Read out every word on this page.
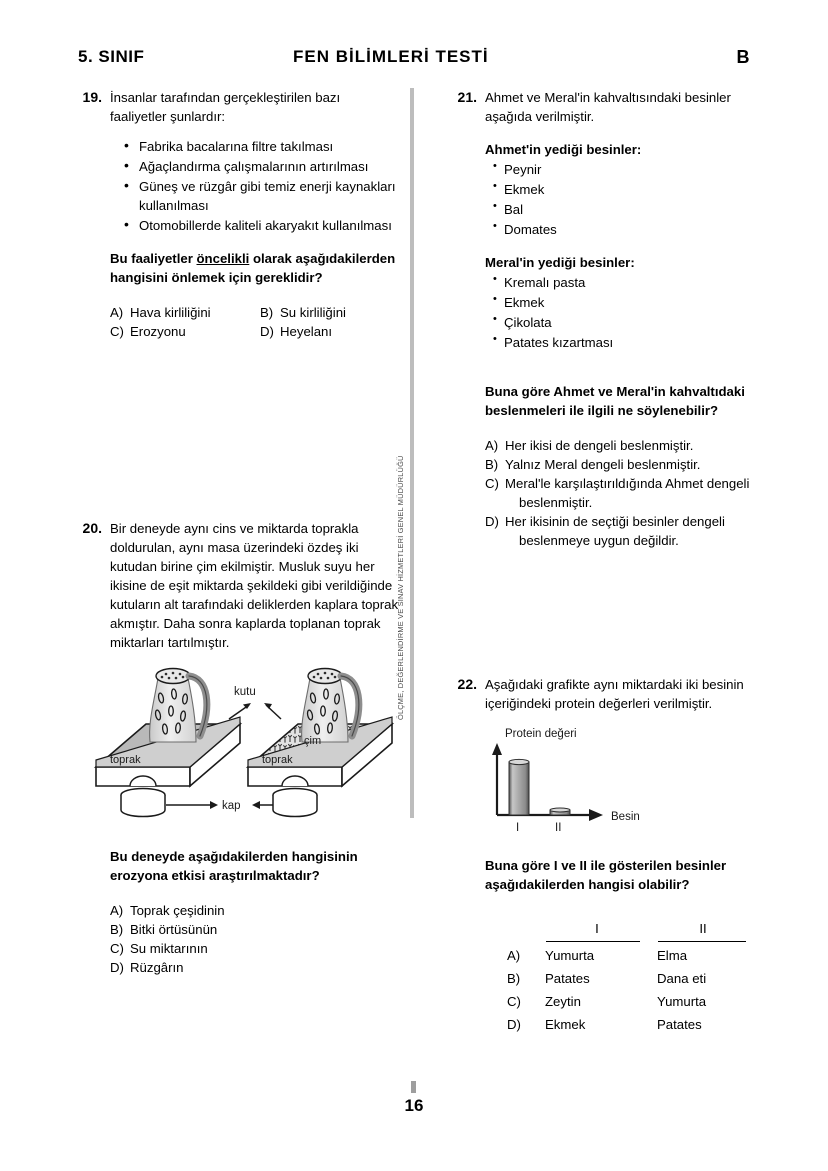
5. SINIF	FEN BİLİMLERİ TESTİ	B
ÖLÇME, DEĞERLENDİRME VE SINAV HİZMETLERİ GENEL MÜDÜRLÜĞÜ
19. İnsanlar tarafından gerçekleştirilen bazı faaliyetler şunlardır:
• Fabrika bacalarına filtre takılması
• Ağaçlandırma çalışmalarının artırılması
• Güneş ve rüzgâr gibi temiz enerji kaynakları kullanılması
• Otomobillerde kaliteli akaryakıt kullanılması
Bu faaliyetler öncelikli olarak aşağıdakilerden hangisini önlemek için gereklidir?
A) Hava kirliliğini	B) Su kirliliğini
C) Erozyonu	D) Heyelanı
20. Bir deneyde aynı cins ve miktarda toprakla doldurulan, aynı masa üzerindeki özdeş iki kutudan birine çim ekilmiştir. Musluk suyu her ikisine de eşit miktarda şekildeki gibi verildiğinde kutuların alt tarafındaki deliklerden kaplara toprak akmıştır. Daha sonra kaplarda toplanan toprak miktarları tartılmıştır.
toprak	toprak
çim
kutu
kap
Bu deneyde aşağıdakilerden hangisinin erozyona etkisi araştırılmaktadır?
A) Toprak çeşidinin
B) Bitki örtüsünün
C) Su miktarının
D) Rüzgârın
21. Ahmet ve Meral'in kahvaltısındaki besinler aşağıda verilmiştir.
Ahmet'in yediği besinler:
• Peynir
• Ekmek
• Bal
• Domates
Meral'in yediği besinler:
• Kremalı pasta
• Ekmek
• Çikolata
• Patates kızartması
Buna göre Ahmet ve Meral'in kahvaltıdaki beslenmeleri ile ilgili ne söylenebilir?
A) Her ikisi de dengeli beslenmiştir.
B) Yalnız Meral dengeli beslenmiştir.
C) Meral'le karşılaştırıldığında Ahmet dengeli
beslenmiştir.
D) Her ikisinin de seçtiği besinler dengeli
beslenmeye uygun değildir.
22. Aşağıdaki grafikte aynı miktardaki iki besinin içeriğindeki protein değerleri verilmiştir.
Protein değeri
Besin
I	II
Buna göre I ve II ile gösterilen besinler aşağıdakilerden hangisi olabilir?

	I	II

A)	Yumurta	Elma
B)	Patates	Dana eti
C)	Zeytin	Yumurta
D)	Ekmek	Patates
16
